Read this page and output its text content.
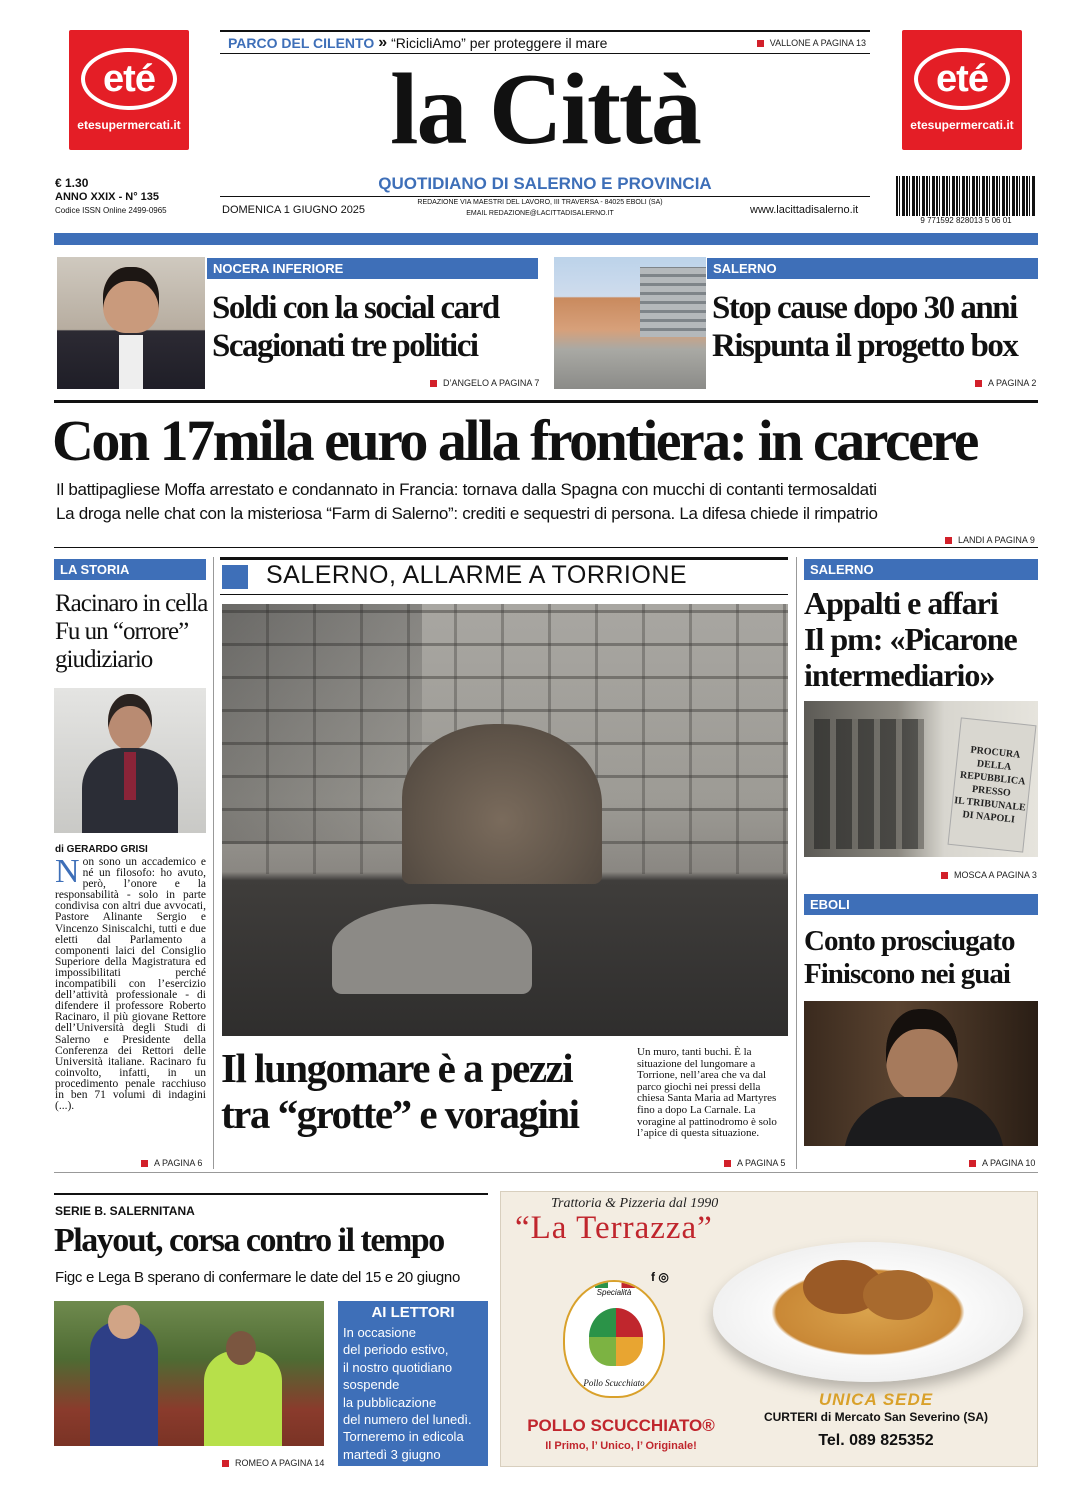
eté
etesupermercati.it
eté
etesupermercati.it
PARCO DEL CILENTO » “RicicliAmo” per proteggere il mare	VALLONE A PAGINA 13
la Città
QUOTIDIANO DI SALERNO E PROVINCIA
€ 1.30
ANNO XXIX - N° 135
Codice ISSN Online 2499-0965	DOMENICA 1 GIUGNO 2025
REDAZIONE VIA MAESTRI DEL LAVORO, III TRAVERSA - 84025 EBOLI (SA)
EMAIL REDAZIONE@LACITTADISALERNO.IT	www.lacittadisalerno.it
9 771592 828013 5 06 01
NOCERA INFERIORE
Soldi con la social card
Scagionati tre politici
D’ANGELO A PAGINA 7
SALERNO
Stop cause dopo 30 anni
Rispunta il progetto box
A PAGINA 2
Con 17mila euro alla frontiera: in carcere
Il battipagliese Moffa arrestato e condannato in Francia: tornava dalla Spagna con mucchi di contanti termosaldati
La droga nelle chat con la misteriosa “Farm di Salerno”: crediti e sequestri di persona. La difesa chiede il rimpatrio
LANDI A PAGINA 9
LA STORIA
Racinaro in cella
Fu un “orrore”
giudiziario
di GERARDO GRISI
Non sono un accademico e né un filosofo: ho avuto, però, l’onore e la responsabilità - solo in parte condivisa con altri due avvocati, Pastore Alinante Sergio e Vincenzo Siniscalchi, tutti e due eletti dal Parlamento a componenti laici del Consiglio Superiore della Magistratura ed impossibilitati perché incompatibili con l’esercizio dell’attività professionale - di difendere il professore Roberto Racinaro, il più giovane Rettore dell’Università degli Studi di Salerno e Presidente della Conferenza dei Rettori delle Università italiane. Racinaro fu coinvolto, infatti, in un procedimento penale racchiuso in ben 71 volumi di indagini (...).
A PAGINA 6
SALERNO, ALLARME A TORRIONE
Il lungomare è a pezzi
tra “grotte” e voragini
Un muro, tanti buchi. È la situazione del lungomare a Torrione, nell’area che va dal parco giochi nei pressi della chiesa Santa Maria ad Martyres fino a dopo La Carnale. La voragine al pattinodromo è solo l’apice di questa situazione.
A PAGINA 5
SALERNO
Appalti e affari
Il pm: «Picarone
intermediario»
PROCURA
DELLA
REPUBBLICA
PRESSO
IL TRIBUNALE
DI NAPOLI
MOSCA A PAGINA 3
EBOLI
Conto prosciugato
Finiscono nei guai
A PAGINA 10
SERIE B. SALERNITANA
Playout, corsa contro il tempo
Figc e Lega B sperano di confermare le date del 15 e 20 giugno
AI LETTORI
In occasione
del periodo estivo,
il nostro quotidiano
sospende
la pubblicazione
del numero del lunedì.
Torneremo in edicola
martedì 3 giugno
ROMEO A PAGINA 14
Trattoria & Pizzeria dal 1990
“La Terrazza”
f ◎
Specialità
Pollo Scucchiato
POLLO SCUCCHIATO®
Il Primo, l’ Unico, l’ Originale!
UNICA SEDE
CURTERI di Mercato San Severino (SA)
Tel. 089 825352
